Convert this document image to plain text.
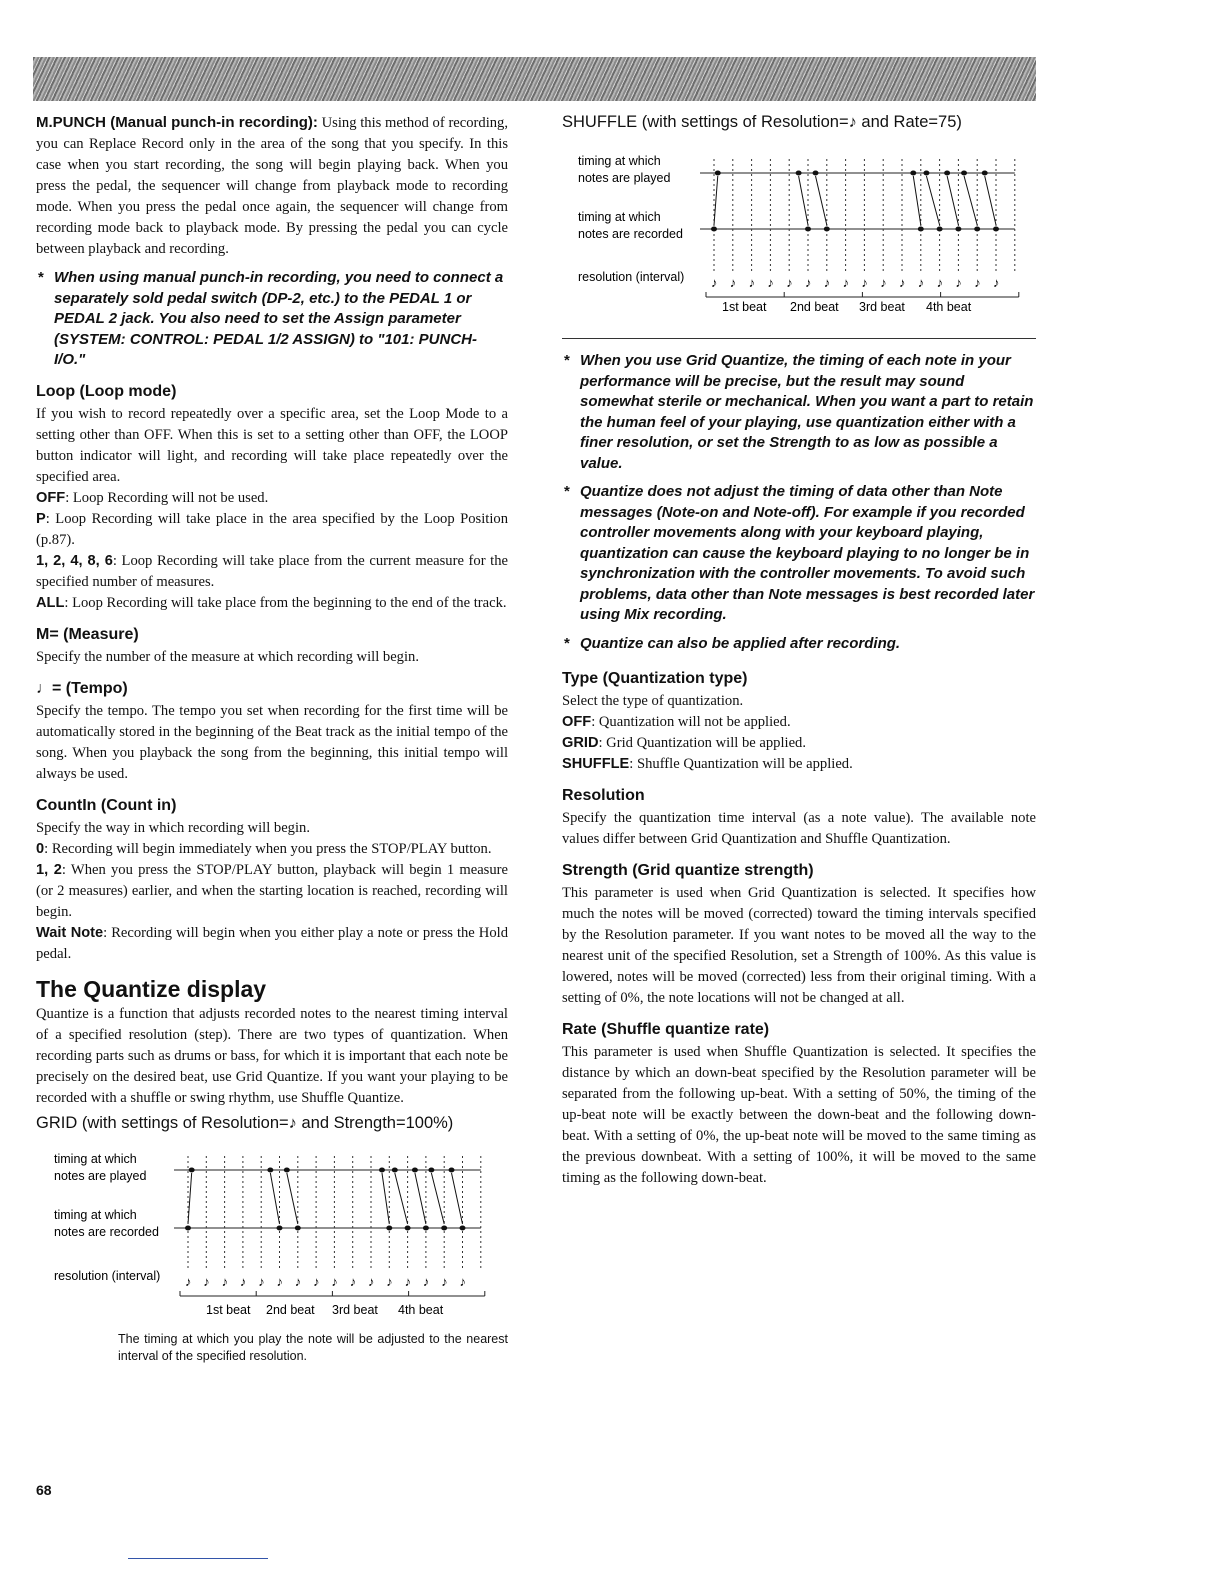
M.PUNCH (Manual punch-in recording): Using this method of recording, you can Replace Record only in the area of the song that you specify. In this case when you start recording, the song will begin playing back. When you press the pedal, the sequencer will change from playback mode to recording mode. When you press the pedal once again, the sequencer will change from recording mode back to playback mode. By pressing the pedal you can cycle between playback and recording.

* When using manual punch-in recording, you need to connect a separately sold pedal switch (DP-2, etc.) to the PEDAL 1 or PEDAL 2 jack. You also need to set the Assign parameter (SYSTEM: CONTROL: PEDAL 1/2 ASSIGN) to "101: PUNCH-I/O."
Loop (Loop mode)

If you wish to record repeatedly over a specific area, set the Loop Mode to a setting other than OFF. When this is set to a setting other than OFF, the LOOP button indicator will light, and recording will take place repeatedly over the specified area.

OFF: Loop Recording will not be used.

P: Loop Recording will take place in the area specified by the Loop Position (p.87).

1, 2, 4, 8, 6: Loop Recording will take place from the current measure for the specified number of measures.

ALL: Loop Recording will take place from the beginning to the end of the track.

M= (Measure)

Specify the number of the measure at which recording will begin.

♩= (Tempo)

Specify the tempo. The tempo you set when recording for the first time will be automatically stored in the beginning of the Beat track as the initial tempo of the song. When you playback the song from the beginning, this initial tempo will always be used.

CountIn (Count in)

Specify the way in which recording will begin.

0: Recording will begin immediately when you press the STOP/PLAY button.

1, 2: When you press the STOP/PLAY button, playback will begin 1 measure (or 2 measures) earlier, and when the starting location is reached, recording will begin.

Wait Note: Recording will begin when you either play a note or press the Hold pedal.

The Quantize display

Quantize is a function that adjusts recorded notes to the nearest timing interval of a specified resolution (step). There are two types of quantization. When recording parts such as drums or bass, for which it is important that each note be precisely on the desired beat, use Grid Quantize. If you want your playing to be recorded with a shuffle or swing rhythm, use Shuffle Quantize.

GRID (with settings of Resolution=♪ and Strength=100%)
timing at which
notes are played
timing at which
notes are recorded
resolution (interval) ♪ ♪ ♪ ♪ ♪ ♪ ♪ ♪ ♪ ♪ ♪ ♪ ♪ ♪ ♪ ♪
1st beat 2nd beat 3rd beat 4th beat
The timing at which you play the note will be adjusted to the nearest interval of the specified resolution.
SHUFFLE (with settings of Resolution=♪ and Rate=75)
timing at which
notes are played
timing at which
notes are recorded
resolution (interval) ♪ ♪ ♪ ♪ ♪ ♪ ♪ ♪ ♪ ♪ ♪ ♪ ♪ ♪ ♪ ♪
1st beat 2nd beat 3rd beat 4th beat
* When you use Grid Quantize, the timing of each note in your performance will be precise, but the result may sound somewhat sterile or mechanical. When you want a part to retain the human feel of your playing, use quantization either with a finer resolution, or set the Strength to as low as possible a value.
* Quantize does not adjust the timing of data other than Note messages (Note-on and Note-off). For example if you recorded controller movements along with your keyboard playing, quantization can cause the keyboard playing to no longer be in synchronization with the controller movements. To avoid such problems, data other than Note messages is best recorded later using Mix recording.
* Quantize can also be applied after recording.
Type (Quantization type)

Select the type of quantization.

OFF: Quantization will not be applied.

GRID: Grid Quantization will be applied.

SHUFFLE: Shuffle Quantization will be applied.

Resolution

Specify the quantization time interval (as a note value). The available note values differ between Grid Quantization and Shuffle Quantization.

Strength (Grid quantize strength)

This parameter is used when Grid Quantization is selected. It specifies how much the notes will be moved (corrected) toward the timing intervals specified by the Resolution parameter. If you want notes to be moved all the way to the nearest unit of the specified Resolution, set a Strength of 100%. As this value is lowered, notes will be moved (corrected) less from their original timing. With a setting of 0%, the note locations will not be changed at all.

Rate (Shuffle quantize rate)

This parameter is used when Shuffle Quantization is selected. It specifies the distance by which an down-beat specified by the Resolution parameter will be separated from the following up-beat. With a setting of 50%, the timing of the up-beat note will be exactly between the down-beat and the following down-beat. With a setting of 0%, the up-beat note will be moved to the same timing as the previous downbeat. With a setting of 100%, it will be moved to the same timing as the following down-beat.

68
